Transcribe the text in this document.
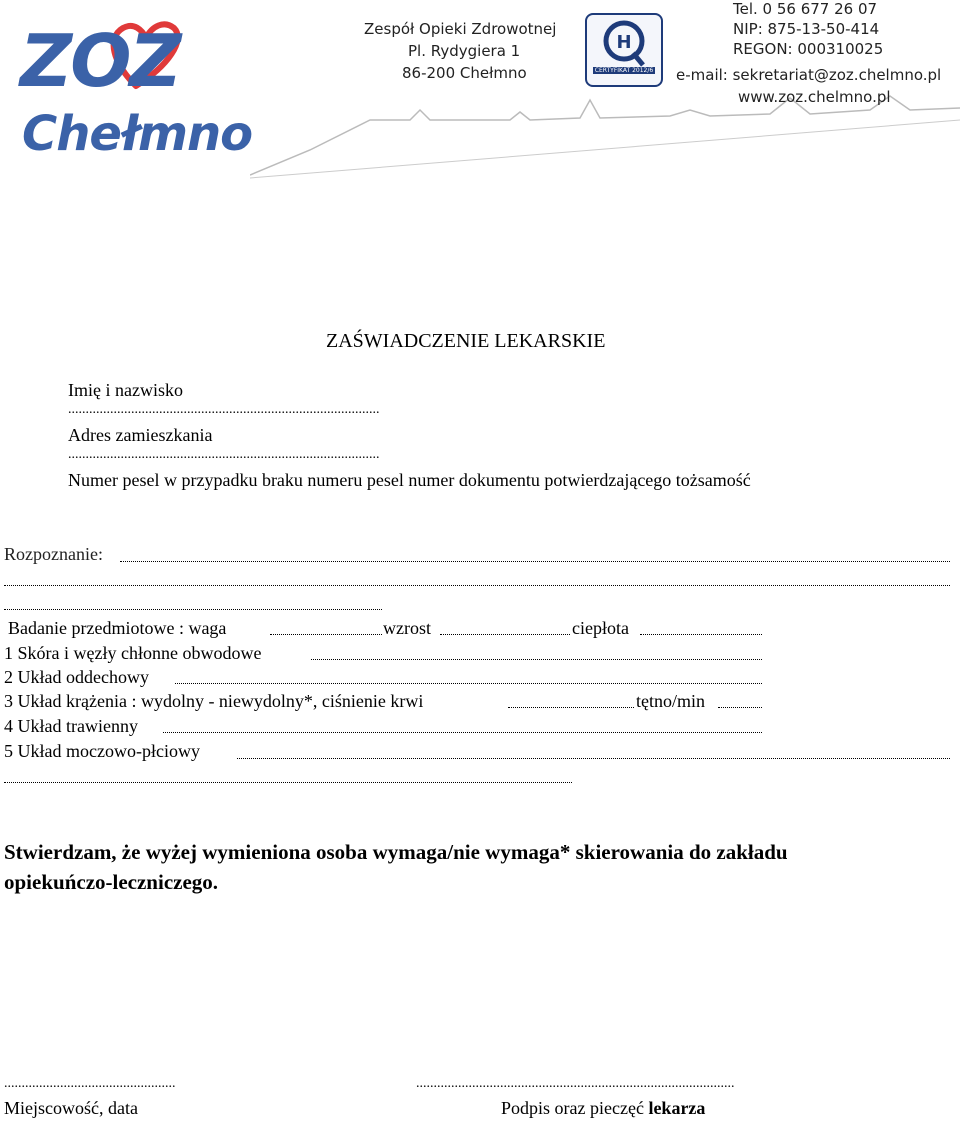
ZOZ
Chełmno
Zespół Opieki Zdrowotnej
Pl. Rydygiera 1
86-200 Chełmno
H
CERTYFIKAT 2012/6
Tel. 0 56 677 26 07
NIP: 875-13-50-414
REGON: 000310025
e-mail: sekretariat@zoz.chelmno.pl
www.zoz.chelmno.pl
ZAŚWIADCZENIE LEKARSKIE
Imię i nazwisko
.........................................................................................
Adres zamieszkania
.........................................................................................
Numer pesel w przypadku braku numeru pesel numer dokumentu potwierdzającego tożsamość
Rozpoznanie:
Badanie przedmiotowe : waga	wzrost	ciepłota
1 Skóra i węzły chłonne obwodowe
2 Układ oddechowy
3 Układ krążenia : wydolny - niewydolny*, ciśnienie krwi	tętno/min
4 Układ trawienny
5 Układ moczowo-płciowy
Stwierdzam, że wyżej wymieniona osoba wymaga/nie wymaga* skierowania do zakładu
opiekuńczo-leczniczego.
.................................................
Miejscowość, data
...........................................................................................
Podpis oraz pieczęć lekarza
